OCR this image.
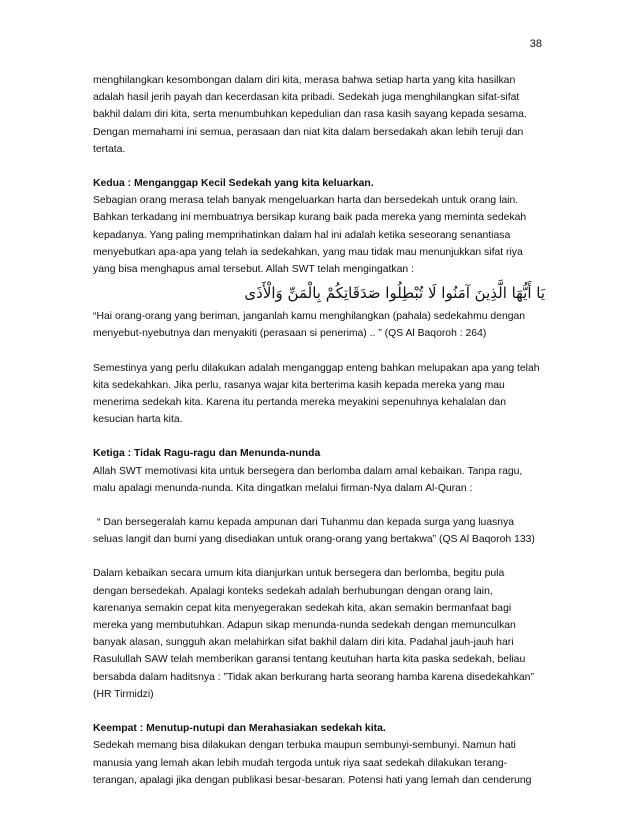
38

menghilangkan kesombongan dalam diri kita, merasa bahwa setiap harta yang kita hasilkan
adalah hasil jerih payah dan kecerdasan kita pribadi. Sedekah juga menghilangkan sifat-sifat
bakhil dalam diri kita, serta menumbuhkan kepedulian dan rasa kasih sayang kepada sesama.
Dengan memahami ini semua, perasaan dan niat kita dalam bersedakah akan lebih teruji dan
tertata.

Kedua : Menganggap Kecil Sedekah yang kita keluarkan.

Sebagian orang merasa telah banyak mengeluarkan harta dan bersedekah untuk orang lain.
Bahkan terkadang ini membuatnya bersikap kurang baik pada mereka yang meminta sedekah
kepadanya. Yang paling memprihatinkan dalam hal ini adalah ketika seseorang senantiasa
menyebutkan apa-apa yang telah ia sedekahkan, yang mau tidak mau menunjukkan sifat riya
yang bisa menghapus amal tersebut. Allah SWT telah mengingatkan :

يَا أَيُّهَا الَّذِينَ آمَنُوا لَا تُبْطِلُوا صَدَقَاتِكُمْ بِالْمَنِّ وَالْأَذَى

“Hai orang-orang yang beriman, janganlah kamu menghilangkan (pahala) sedekahmu dengan
menyebut-nyebutnya dan menyakiti (perasaan si penerima) .. ” (QS Al Baqoroh : 264)

Semestinya yang perlu dilakukan adalah menganggap enteng bahkan melupakan apa yang telah
kita sedekahkan. Jika perlu, rasanya wajar kita berterima kasih kepada mereka yang mau
menerima sedekah kita. Karena itu pertanda mereka meyakini sepenuhnya kehalalan dan
kesucian harta kita.

Ketiga : Tidak Ragu-ragu dan Menunda-nunda

Allah SWT memotivasi kita untuk bersegera dan berlomba dalam amal kebaikan. Tanpa ragu,
malu apalagi menunda-nunda. Kita dingatkan melalui firman-Nya dalam Al-Quran :

“ Dan bersegeralah kamu kepada ampunan dari Tuhanmu dan kepada surga yang luasnya
seluas langit dan bumi yang disediakan untuk orang-orang yang bertakwa” (QS Al Baqoroh 133)

Dalam kebaikan secara umum kita dianjurkan untuk bersegera dan berlomba, begitu pula
dengan bersedekah. Apalagi konteks sedekah adalah berhubungan dengan orang lain,
karenanya semakin cepat kita menyegerakan sedekah kita, akan semakin bermanfaat bagi
mereka yang membutuhkan. Adapun sikap menunda-nunda sedekah dengan memunculkan
banyak alasan, sungguh akan melahirkan sifat bakhil dalam diri kita. Padahal jauh-jauh hari
Rasulullah SAW telah memberikan garansi tentang keutuhan harta kita paska sedekah, beliau
bersabda dalam haditsnya : ”Tidak akan berkurang harta seorang hamba karena disedekahkan”
(HR Tirmidzi)

Keempat : Menutup-nutupi dan Merahasiakan sedekah kita.

Sedekah memang bisa dilakukan dengan terbuka maupun sembunyi-sembunyi. Namun hati
manusia yang lemah akan lebih mudah tergoda untuk riya saat sedekah dilakukan terang-
terangan, apalagi jika dengan publikasi besar-besaran. Potensi hati yang lemah dan cenderung
